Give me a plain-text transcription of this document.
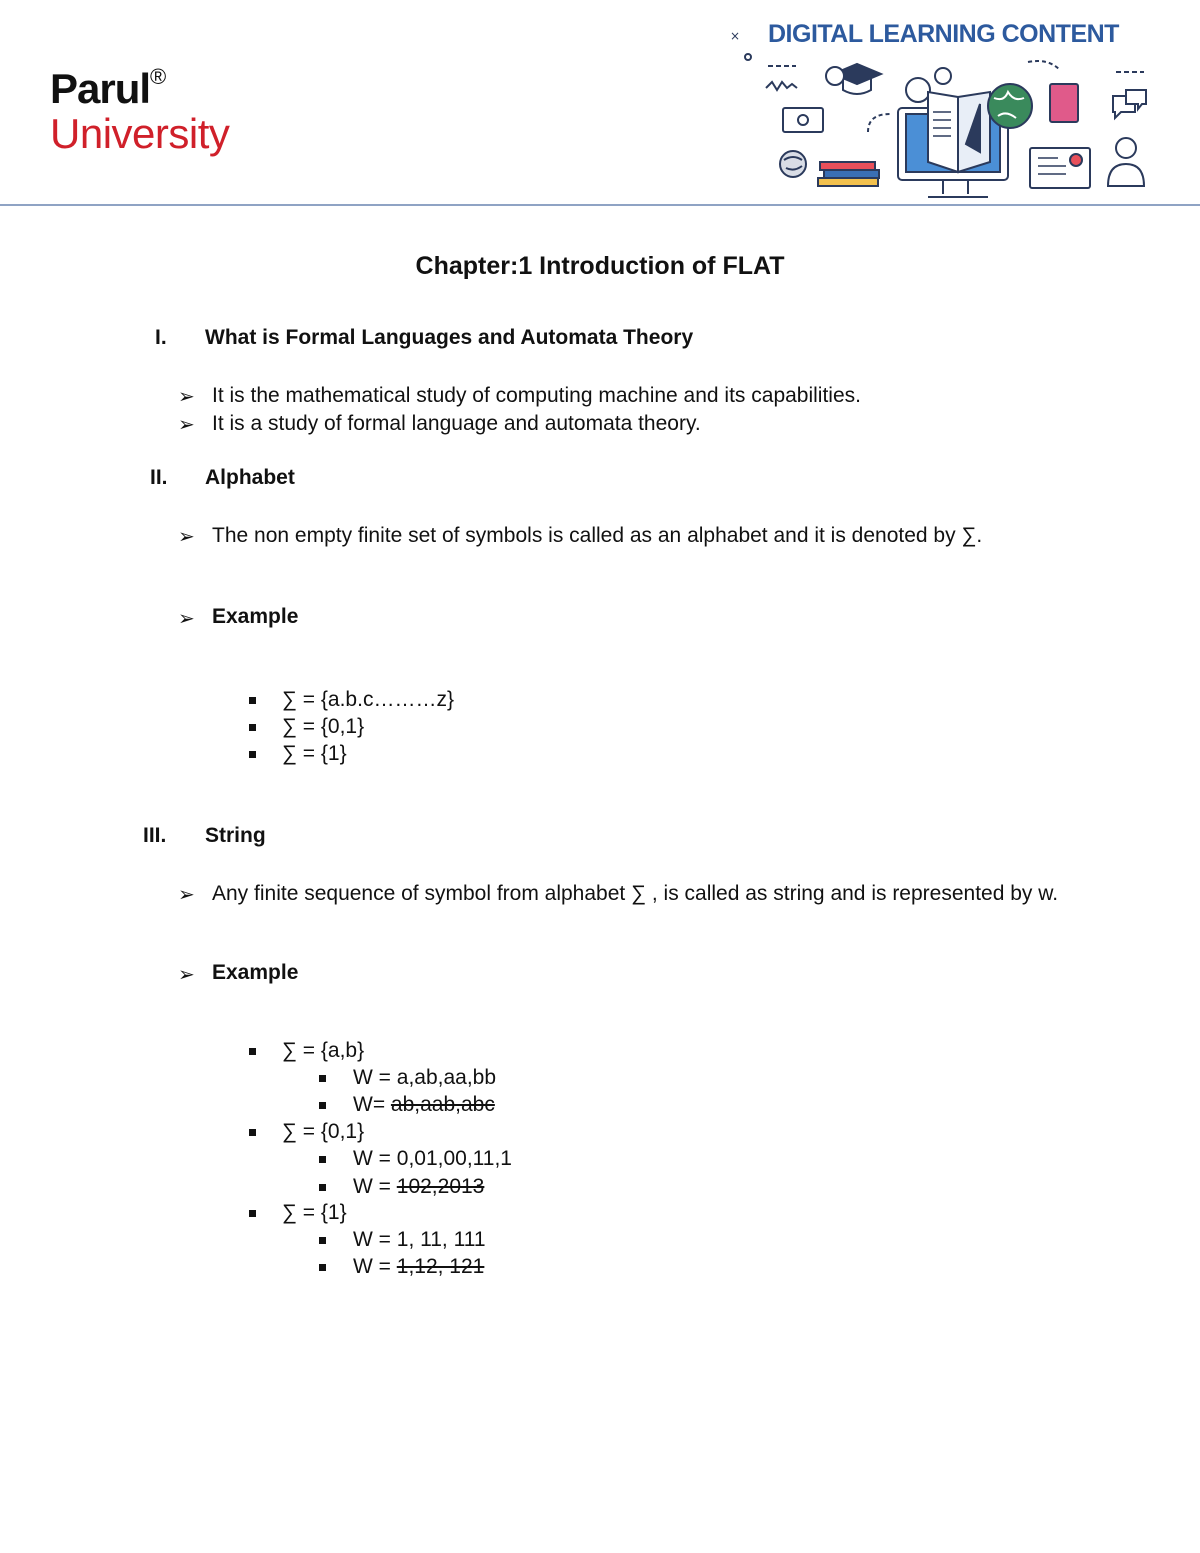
Parul®
University
DIGITAL LEARNING CONTENT
×
Chapter:1 Introduction of FLAT
I. What is Formal Languages and Automata Theory
➢ It is the mathematical study of computing machine and its capabilities.
➢ It is a study of formal language and automata theory.
II. Alphabet
➢ The non empty finite set of symbols is called as an alphabet and it is denoted by ∑.
➢ Example
∑ = {a.b.c………z}
∑ = {0,1}
∑ = {1}
III. String
➢ Any finite sequence of symbol from alphabet ∑ , is called as string and is represented by w.
➢ Example
∑ = {a,b}
W = a,ab,aa,bb
W= ab,aab,abc
∑ = {0,1}
W = 0,01,00,11,1
W = 102,2013
∑ = {1}
W = 1, 11, 111
W = 1,12, 121
